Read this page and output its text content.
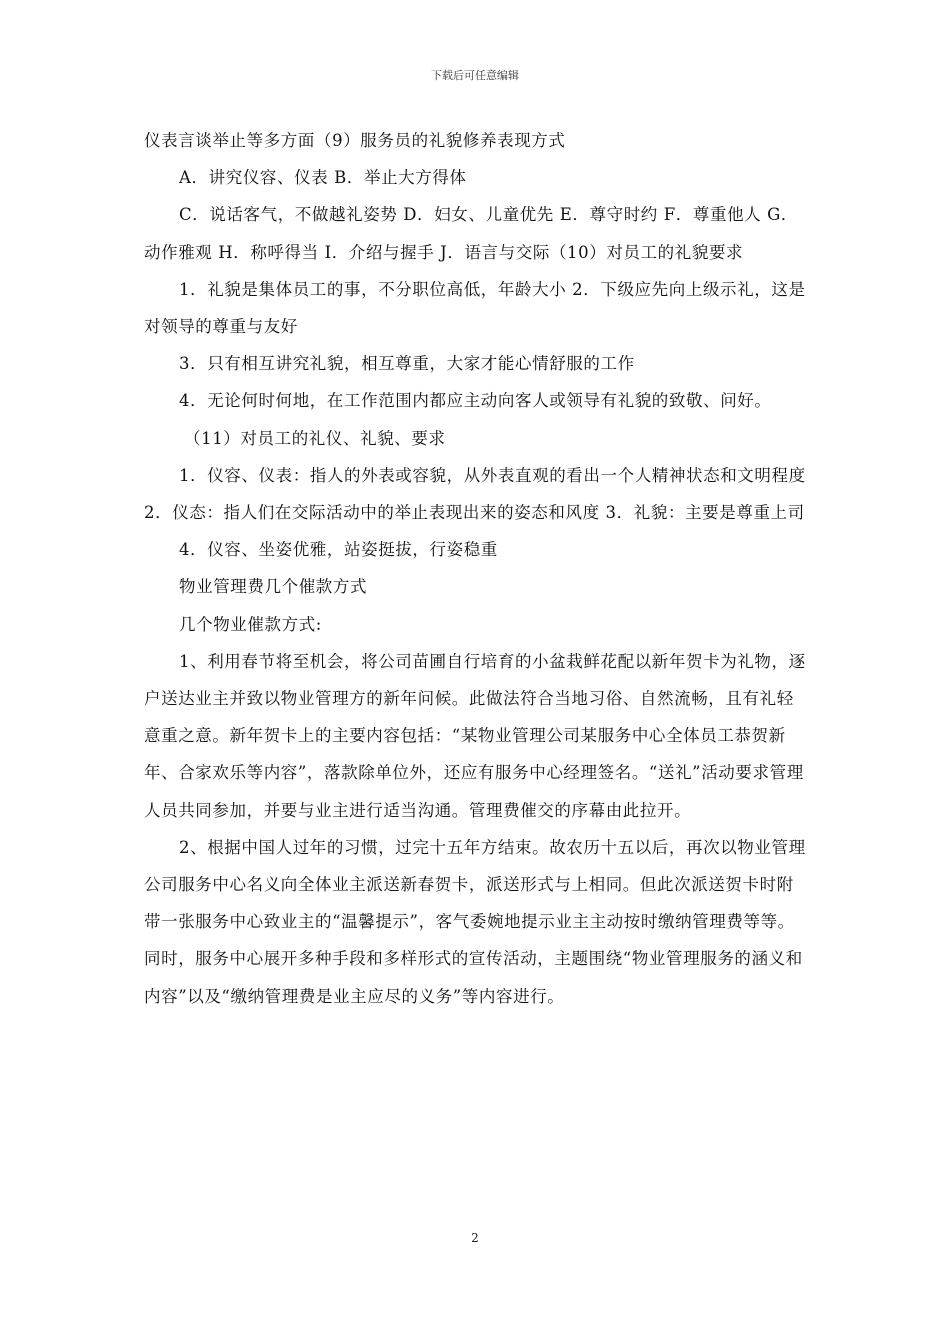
下载后可任意编辑

仪表言谈举止等多方面（9）服务员的礼貌修养表现方式

A．讲究仪容、仪表 B．举止大方得体

C．说话客气，不做越礼姿势 D．妇女、儿童优先 E．尊守时约 F．尊重他人 G．动作雅观 H．称呼得当 I．介绍与握手 J．语言与交际（10）对员工的礼貌要求

1．礼貌是集体员工的事，不分职位高低，年龄大小 2．下级应先向上级示礼，这是对领导的尊重与友好

3．只有相互讲究礼貌，相互尊重，大家才能心情舒服的工作

4．无论何时何地，在工作范围内都应主动向客人或领导有礼貌的致敬、问好。

（11）对员工的礼仪、礼貌、要求

1．仪容、仪表：指人的外表或容貌，从外表直观的看出一个人精神状态和文明程度 2．仪态：指人们在交际活动中的举止表现出来的姿态和风度 3．礼貌：主要是尊重上司

4．仪容、坐姿优雅，站姿挺拔，行姿稳重

物业管理费几个催款方式

几个物业催款方式:

1、利用春节将至机会，将公司苗圃自行培育的小盆栽鲜花配以新年贺卡为礼物，逐户送达业主并致以物业管理方的新年问候。此做法符合当地习俗、自然流畅，且有礼轻意重之意。新年贺卡上的主要内容包括：“某物业管理公司某服务中心全体员工恭贺新年、合家欢乐等内容”，落款除单位外，还应有服务中心经理签名。“送礼”活动要求管理人员共同参加，并要与业主进行适当沟通。管理费催交的序幕由此拉开。

2、根据中国人过年的习惯，过完十五年方结束。故农历十五以后，再次以物业管理公司服务中心名义向全体业主派送新春贺卡，派送形式与上相同。但此次派送贺卡时附带一张服务中心致业主的“温馨提示”，客气委婉地提示业主主动按时缴纳管理费等等。同时，服务中心展开多种手段和多样形式的宣传活动，主题围绕“物业管理服务的涵义和内容”以及“缴纳管理费是业主应尽的义务”等内容进行。

2
